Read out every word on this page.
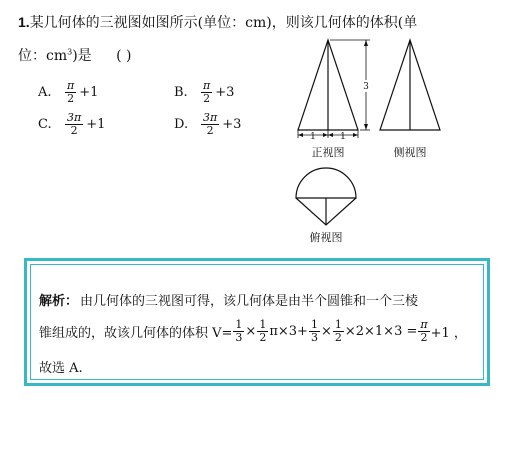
1.某几何体的三视图如图所示(单位：cm)，则该几何体的体积(单
位：$cm^3$)是 ( )
A.	$\frac{\pi}{2} +1$	B.	$\frac{\pi}{2} +3$
C.	$\frac{3\pi}{2} +1$	D.	$\frac{3\pi}{2} +3$
1	1
3
正视图	侧视图
俯视图
解析： 由几何体的三视图可得，该几何体是由半个圆锥和一个三棱
锥组成的，故该几何体的体积 $V= \frac{1}{3} \times \frac{1}{2} \pi\times 3+ \frac{1}{3} \times \frac{1}{2} \times 2\times 1\times 3 = \frac{\pi}{2} +1$ ，
故选 A.
